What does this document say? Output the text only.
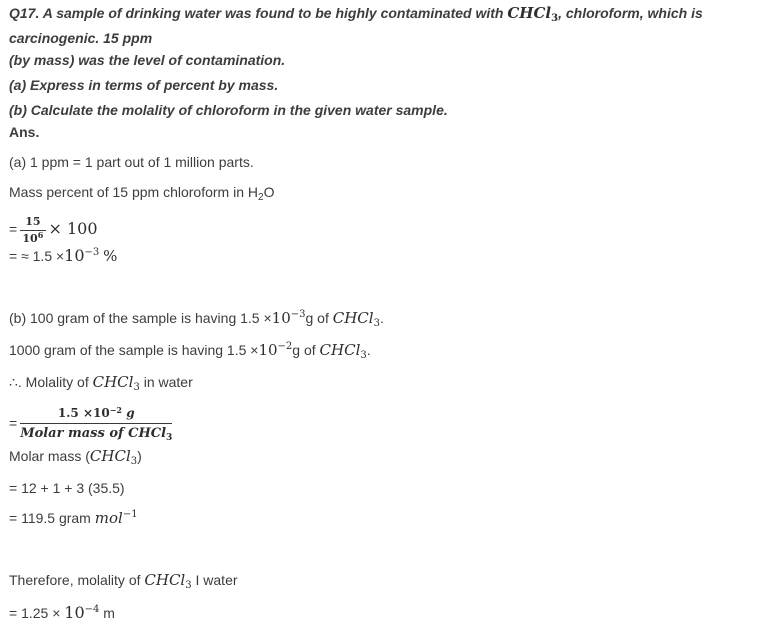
Q17. A sample of drinking water was found to be highly contaminated with CHCl$_3$, chloroform, which is carcinogenic. 15 ppm
(by mass) was the level of contamination.

(a) Express in terms of percent by mass.

(b) Calculate the molality of chloroform in the given water sample.

Ans.

(a) 1 ppm = 1 part out of 1 million parts.

Mass percent of 15 ppm chloroform in $H_2O$

= $\frac{15}{10^6} \times 100$

= ≈ $1.5 \times 10^{-3}$ %

(b) 100 gram of the sample is having $1.5 \times 10^{-3}g$ of CHCl$_3$.

1000 gram of the sample is having $1.5 \times 10^{-2}g$ of CHCl$_3$.

∴. Molality of CHCl$_3$ in water

= $\frac{1.5 \times 10^{-2} g}{Molar mass of CHCl_3}$

Molar mass (CHCl$_3$)

= 12 + 1 + 3 (35.5)

= 119.5 gram mol$^{-1}$

Therefore, molality of CHCl$_3$ I water

= $1.25 \times 10^{-4}$ m
